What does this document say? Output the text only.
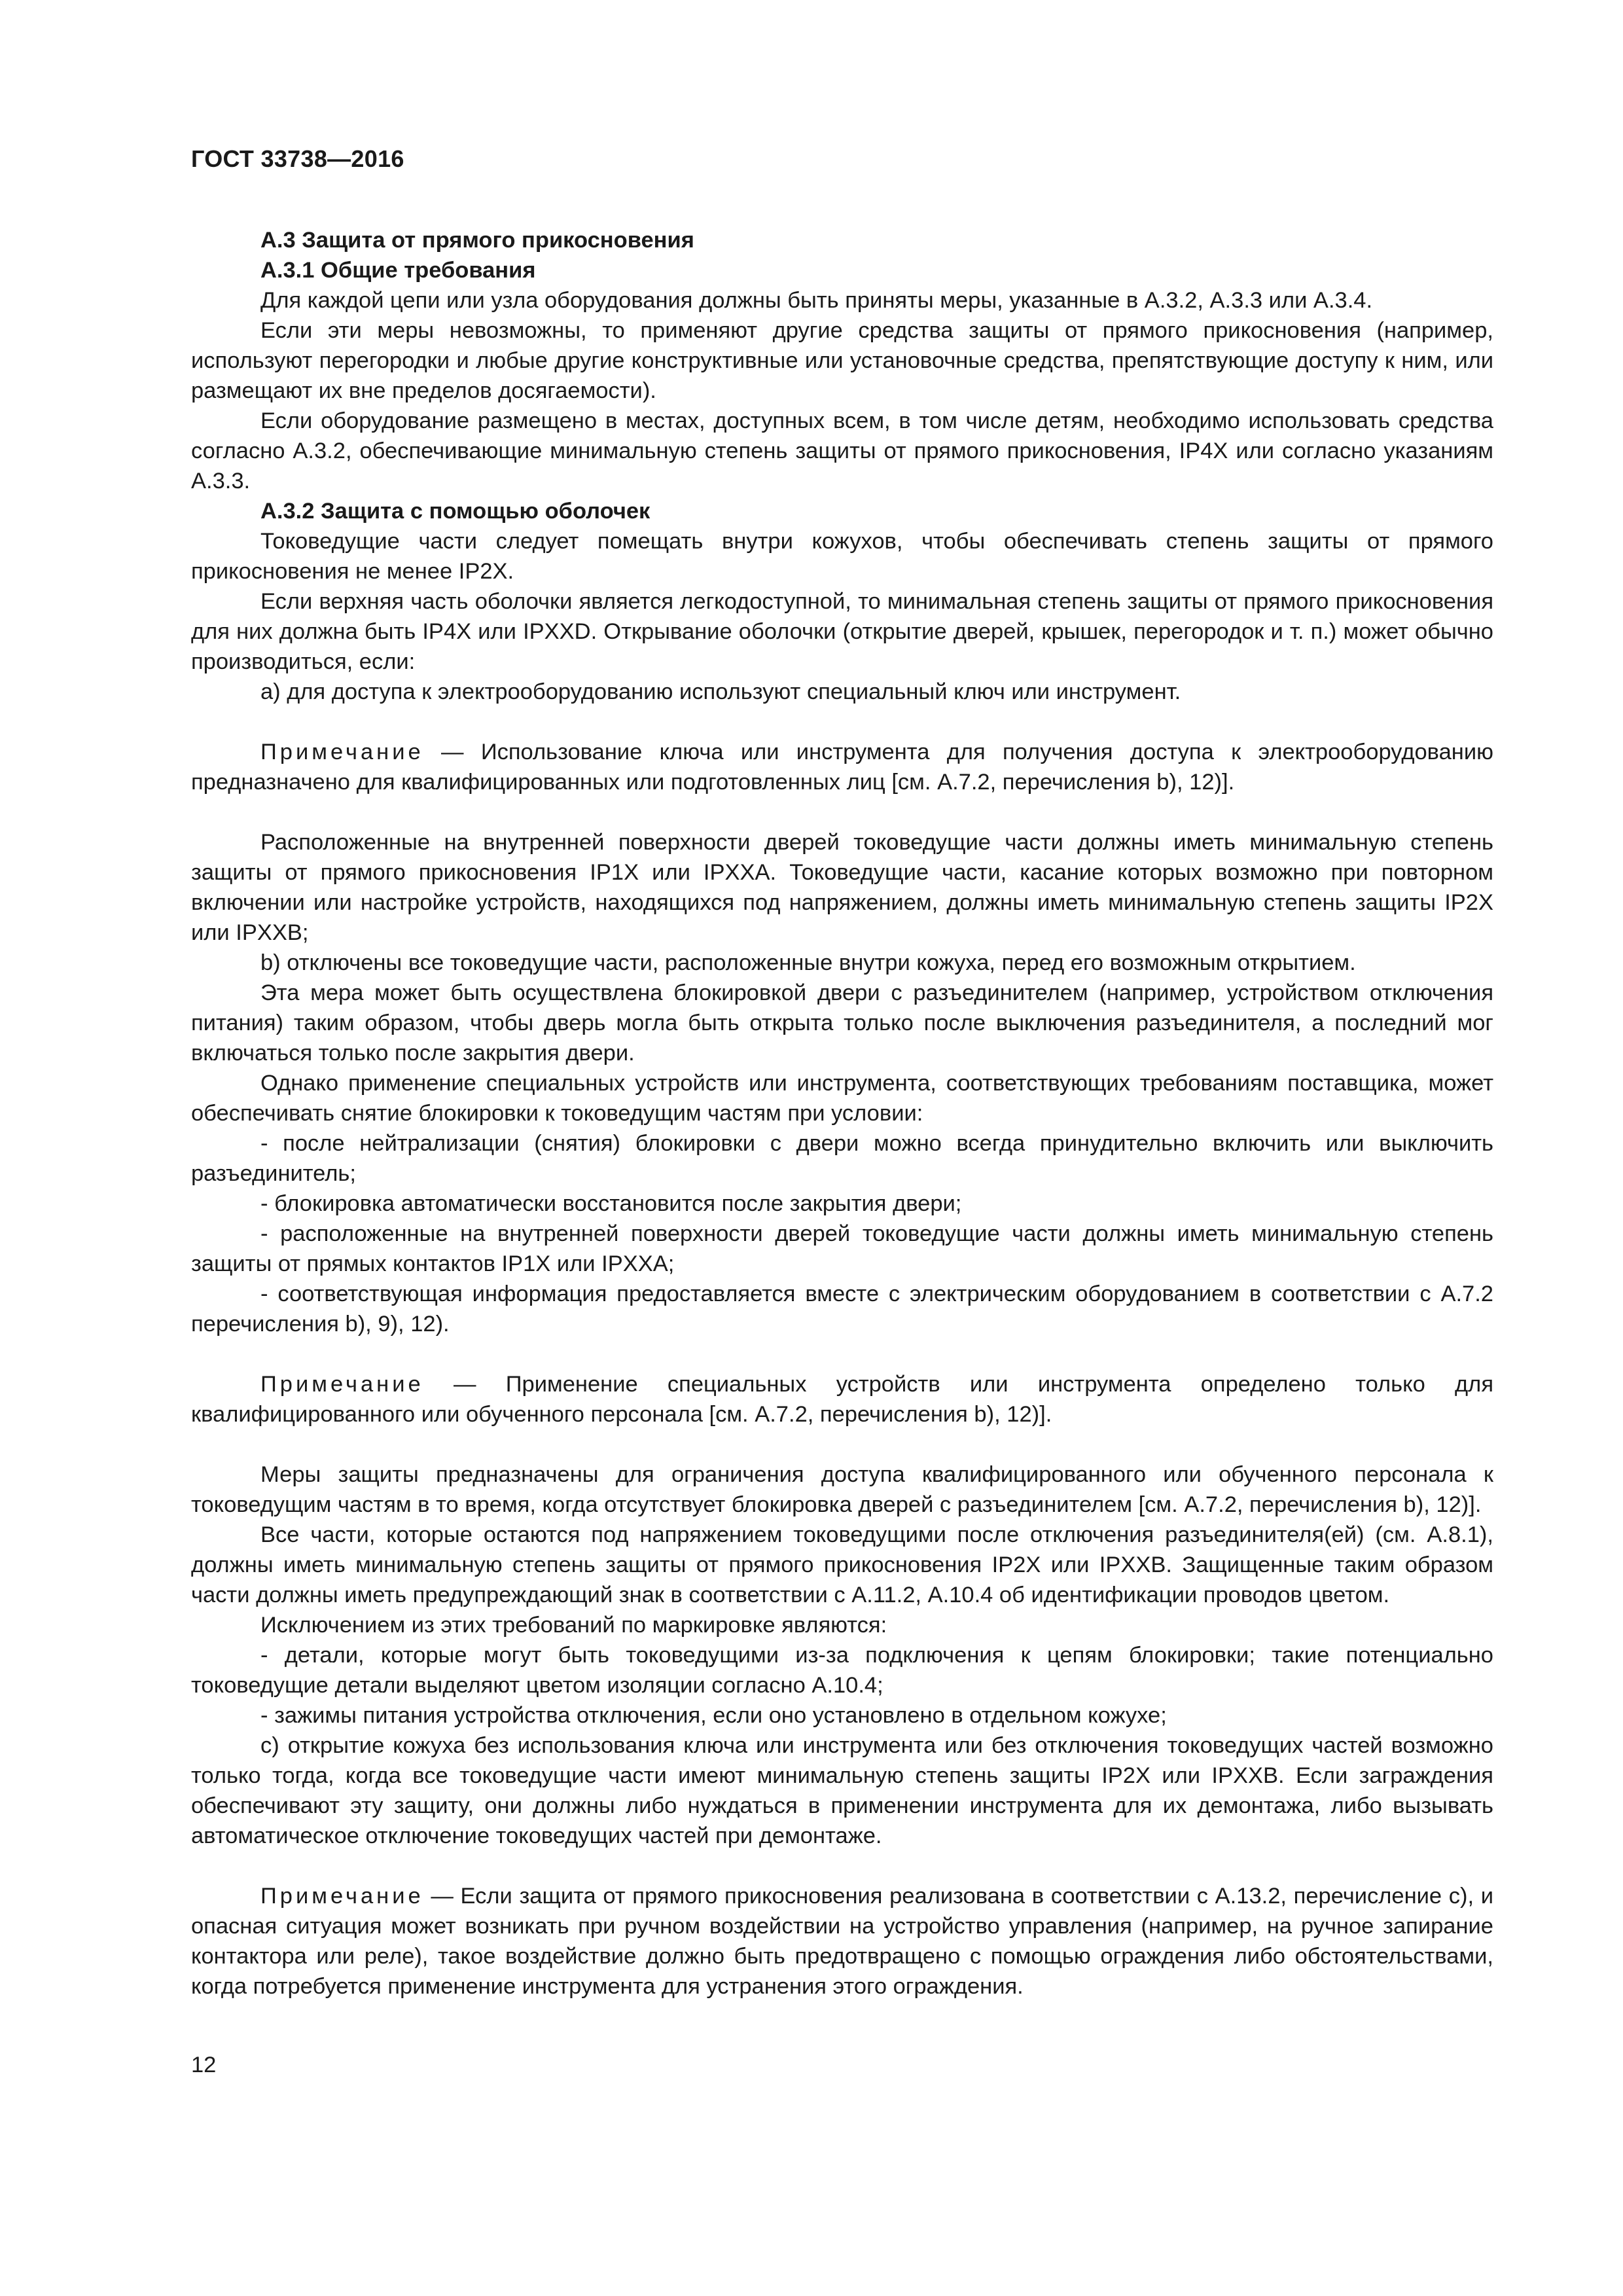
ГОСТ 33738—2016

А.3 Защита от прямого прикосновения

А.3.1 Общие требования

Для каждой цепи или узла оборудования должны быть приняты меры, указанные в А.3.2, А.3.3 или А.3.4.

Если эти меры невозможны, то применяют другие средства защиты от прямого прикосновения (например, используют перегородки и любые другие конструктивные или установочные средства, препятствующие доступу к ним, или размещают их вне пределов досягаемости).

Если оборудование размещено в местах, доступных всем, в том числе детям, необходимо использовать средства согласно А.3.2, обеспечивающие минимальную степень защиты от прямого прикосновения, IP4X или согласно указаниям А.3.3.

А.3.2 Защита с помощью оболочек

Токоведущие части следует помещать внутри кожухов, чтобы обеспечивать степень защиты от прямого прикосновения не менее IP2X.

Если верхняя часть оболочки является легкодоступной, то минимальная степень защиты от прямого прикосновения для них должна быть IP4X или IPXXD. Открывание оболочки (открытие дверей, крышек, перегородок и т. п.) может обычно производиться, если:

а) для доступа к электрооборудованию используют специальный ключ или инструмент.

Примечание — Использование ключа или инструмента для получения доступа к электрооборудованию предназначено для квалифицированных или подготовленных лиц [см. А.7.2, перечисления b), 12)].

Расположенные на внутренней поверхности дверей токоведущие части должны иметь минимальную степень защиты от прямого прикосновения IP1X или IPXXA. Токоведущие части, касание которых возможно при повторном включении или настройке устройств, находящихся под напряжением, должны иметь минимальную степень защиты IP2X или IPXXB;

b) отключены все токоведущие части, расположенные внутри кожуха, перед его возможным открытием.

Эта мера может быть осуществлена блокировкой двери с разъединителем (например, устройством отключения питания) таким образом, чтобы дверь могла быть открыта только после выключения разъединителя, а последний мог включаться только после закрытия двери.

Однако применение специальных устройств или инструмента, соответствующих требованиям поставщика, может обеспечивать снятие блокировки к токоведущим частям при условии:

- после нейтрализации (снятия) блокировки с двери можно всегда принудительно включить или выключить разъединитель;

- блокировка автоматически восстановится после закрытия двери;

- расположенные на внутренней поверхности дверей токоведущие части должны иметь минимальную степень защиты от прямых контактов IP1X или IPXXA;

- соответствующая информация предоставляется вместе с электрическим оборудованием в соответствии с А.7.2 перечисления b), 9), 12).

Примечание — Применение специальных устройств или инструмента определено только для квалифицированного или обученного персонала [см. А.7.2, перечисления b), 12)].

Меры защиты предназначены для ограничения доступа квалифицированного или обученного персонала к токоведущим частям в то время, когда отсутствует блокировка дверей с разъединителем [см. А.7.2, перечисления b), 12)].

Все части, которые остаются под напряжением токоведущими после отключения разъединителя(ей) (см. А.8.1), должны иметь минимальную степень защиты от прямого прикосновения IP2X или IPXXB. Защищенные таким образом части должны иметь предупреждающий знак в соответствии с А.11.2, А.10.4 об идентификации проводов цветом.

Исключением из этих требований по маркировке являются:

- детали, которые могут быть токоведущими из-за подключения к цепям блокировки; такие потенциально токоведущие детали выделяют цветом изоляции согласно А.10.4;

- зажимы питания устройства отключения, если оно установлено в отдельном кожухе;

с) открытие кожуха без использования ключа или инструмента или без отключения токоведущих частей возможно только тогда, когда все токоведущие части имеют минимальную степень защиты IP2X или IPXXB. Если заграждения обеспечивают эту защиту, они должны либо нуждаться в применении инструмента для их демонтажа, либо вызывать автоматическое отключение токоведущих частей при демонтаже.

Примечание — Если защита от прямого прикосновения реализована в соответствии с А.13.2, перечисление с), и опасная ситуация может возникать при ручном воздействии на устройство управления (например, на ручное запирание контактора или реле), такое воздействие должно быть предотвращено с помощью ограждения либо обстоятельствами, когда потребуется применение инструмента для устранения этого ограждения.

12
